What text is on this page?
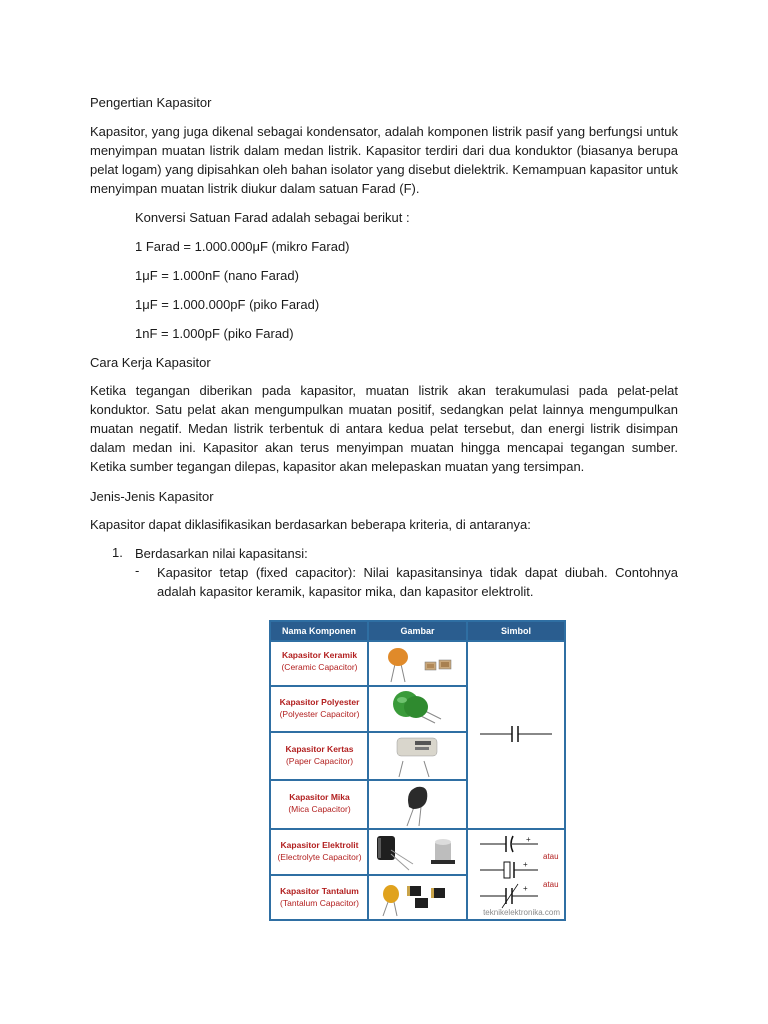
Pengertian Kapasitor

Kapasitor, yang juga dikenal sebagai kondensator, adalah komponen listrik pasif yang berfungsi untuk menyimpan muatan listrik dalam medan listrik. Kapasitor terdiri dari dua konduktor (biasanya berupa pelat logam) yang dipisahkan oleh bahan isolator yang disebut dielektrik. Kemampuan kapasitor untuk menyimpan muatan listrik diukur dalam satuan Farad (F).

Konversi Satuan Farad adalah sebagai berikut :

1 Farad = 1.000.000μF (mikro Farad)

1μF = 1.000nF (nano Farad)

1μF = 1.000.000pF (piko Farad)

1nF = 1.000pF (piko Farad)

Cara Kerja Kapasitor

Ketika tegangan diberikan pada kapasitor, muatan listrik akan terakumulasi pada pelat-pelat konduktor. Satu pelat akan mengumpulkan muatan positif, sedangkan pelat lainnya mengumpulkan muatan negatif. Medan listrik terbentuk di antara kedua pelat tersebut, dan energi listrik disimpan dalam medan ini. Kapasitor akan terus menyimpan muatan hingga mencapai tegangan sumber. Ketika sumber tegangan dilepas, kapasitor akan melepaskan muatan yang tersimpan.

Jenis-Jenis Kapasitor

Kapasitor dapat diklasifikasikan berdasarkan beberapa kriteria, di antaranya:

1. Berdasarkan nilai kapasitansi:
- Kapasitor tetap (fixed capacitor): Nilai kapasitansinya tidak dapat diubah. Contohnya adalah kapasitor keramik, kapasitor mika, dan kapasitor elektrolit.

Nama Komponen	Gambar	Simbol
Kapasitor Keramik
(Ceramic Capacitor)
Kapasitor Polyester
(Polyester Capacitor)
Kapasitor Kertas
(Paper Capacitor)
Kapasitor Mika
(Mica Capacitor)
Kapasitor Elektrolit
(Electrolyte Capacitor)
Kapasitor Tantalum
(Tantalum Capacitor)
+
+
+
atau
atau
teknikelektronika.com
